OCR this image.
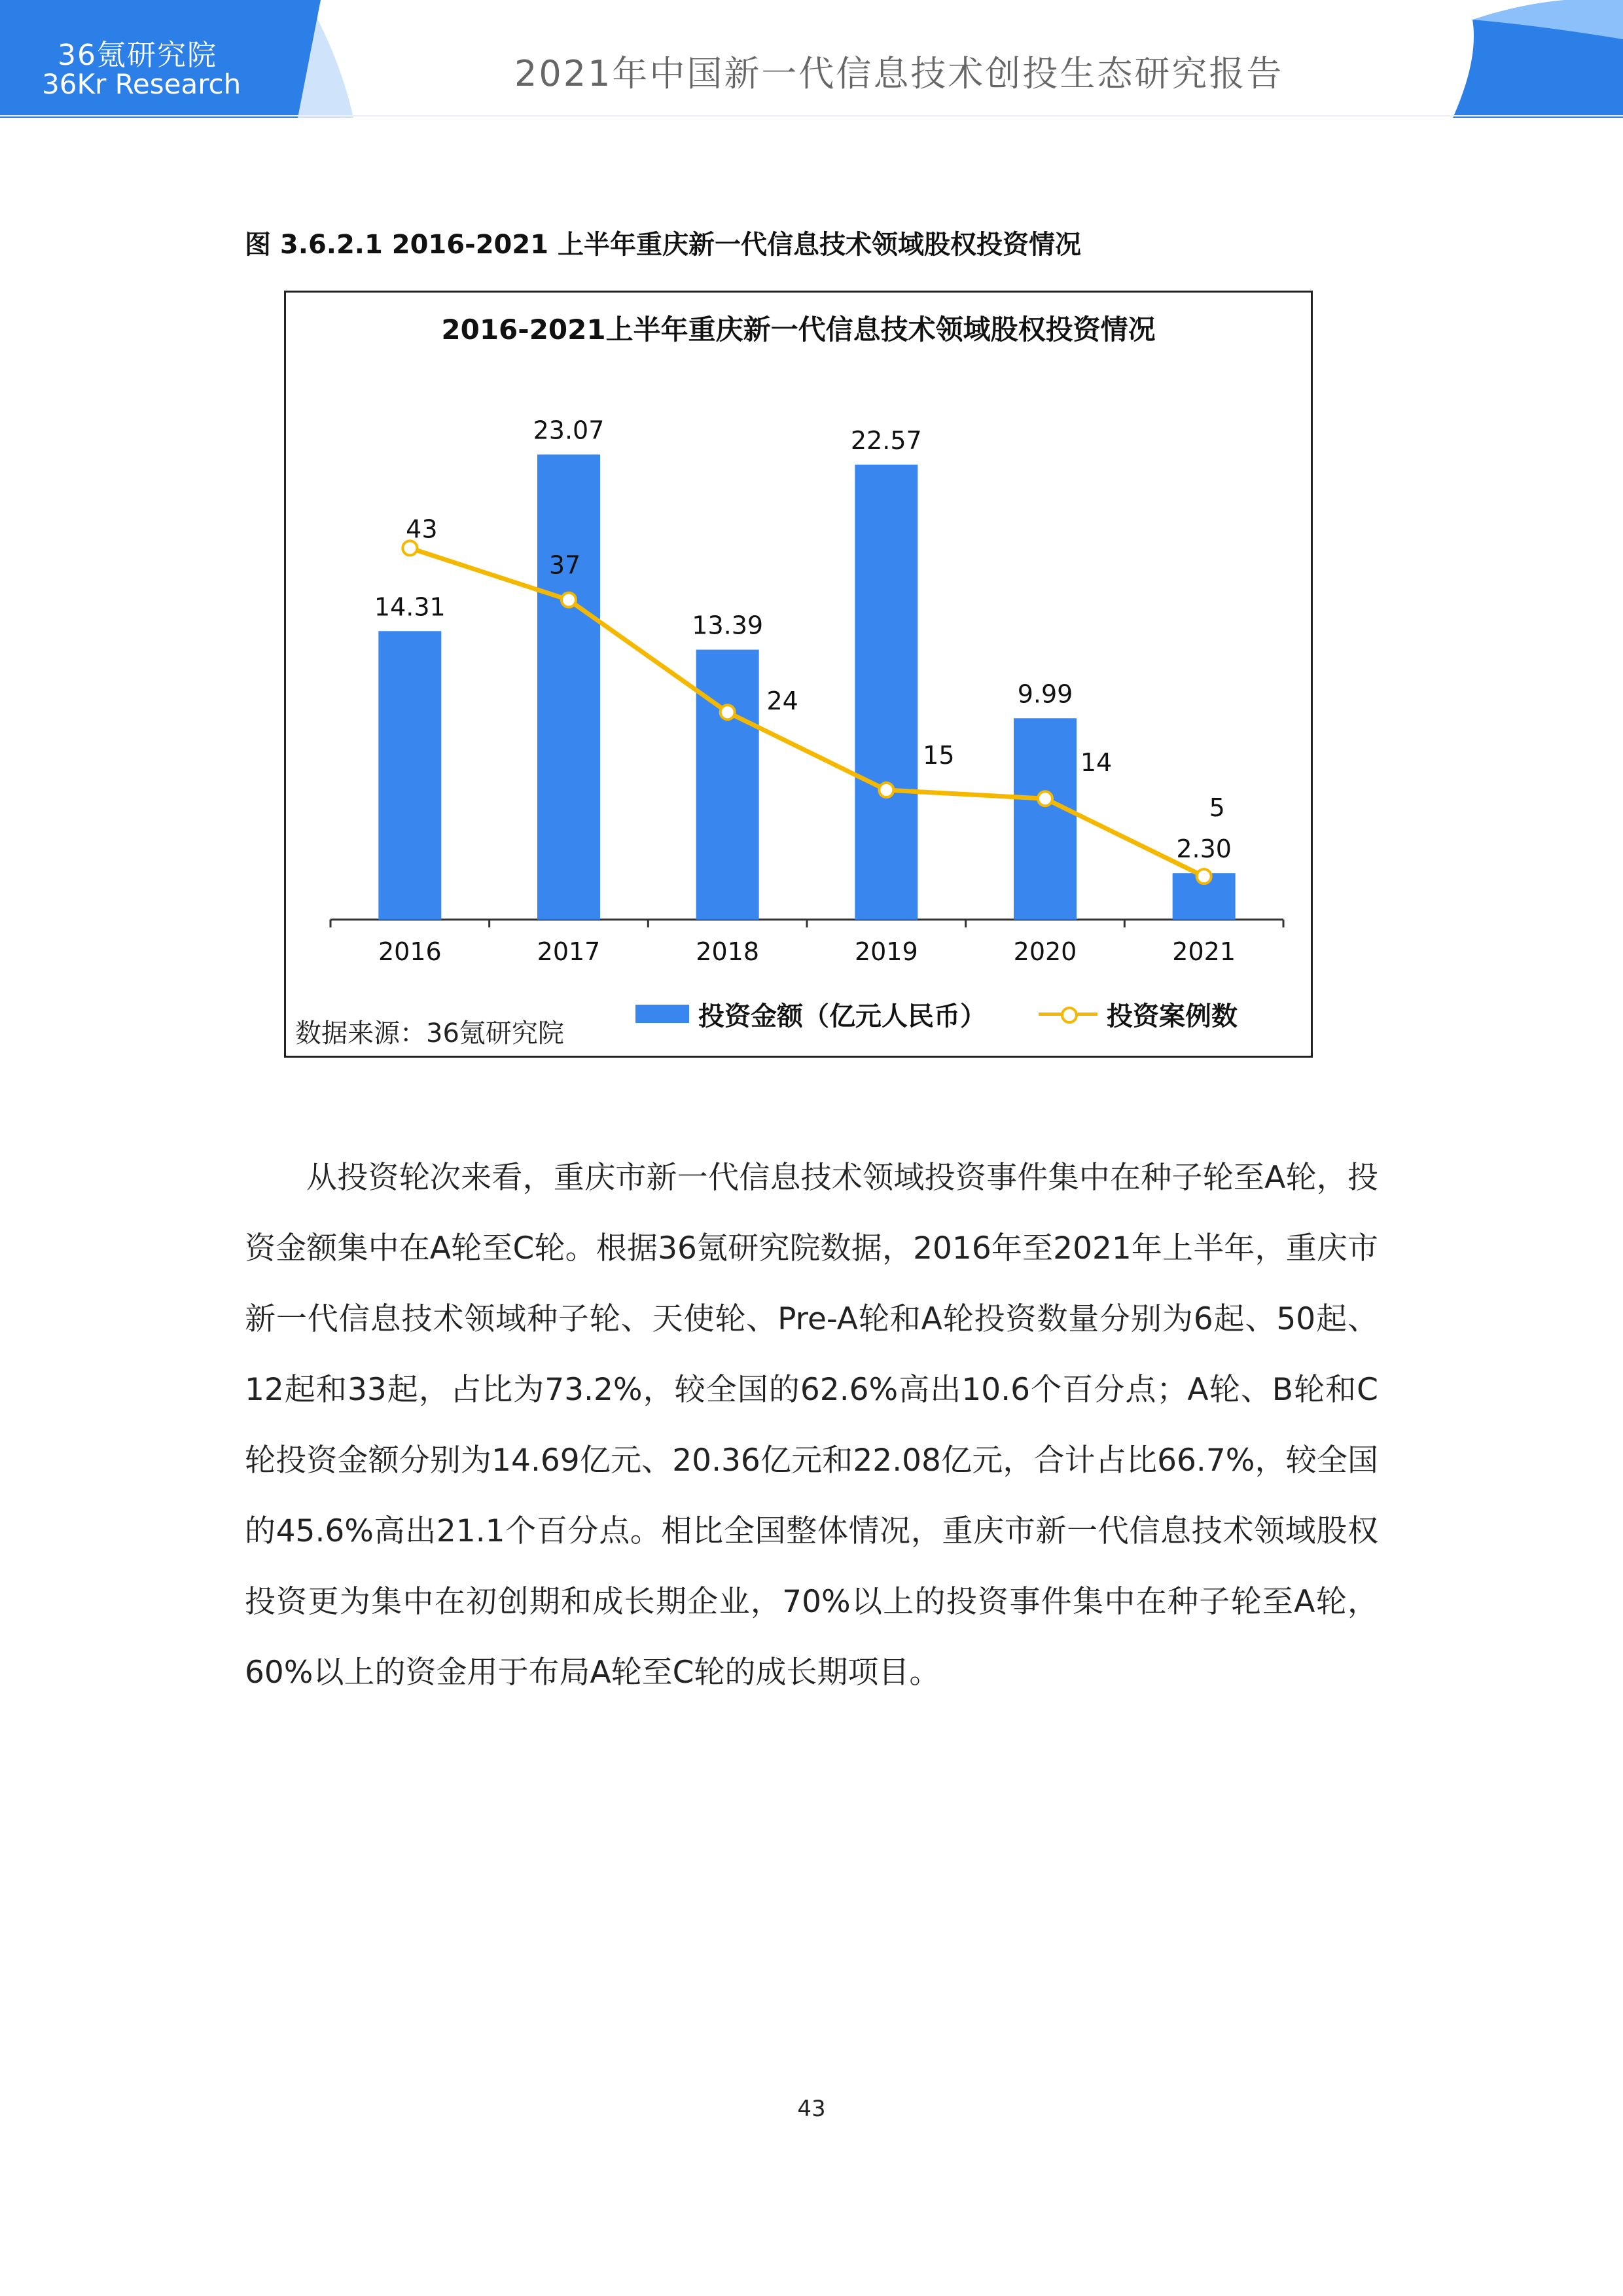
36氪研究院
36Kr Research	2021年中国新一代信息技术创投生态研究报告
图 3.6.2.1 2016-2021 上半年重庆新一代信息技术领域股权投资情况
2016-2021上半年重庆新一代信息技术领域股权投资情况
2016	2017	2018	2019	2020	2021
14.31
23.07
13.39
22.57
9.99
2.30
43
37
24
15	14
5
投资金额（亿元人民币）	投资案例数
数据来源：36氪研究院

从投资轮次来看，重庆市新一代信息技术领域投资事件集中在种子轮至A轮，投资金额集中在A轮至C轮。根据36氪研究院数据，2016年至2021年上半年，重庆市新一代信息技术领域种子轮、天使轮、Pre-A轮和A轮投资数量分别为6起、50起、12起和33起，占比为73.2%，较全国的62.6%高出10.6个百分点；A轮、B轮和C轮投资金额分别为14.69亿元、20.36亿元和22.08亿元，合计占比66.7%，较全国的45.6%高出21.1个百分点。相比全国整体情况，重庆市新一代信息技术领域股权投资更为集中在初创期和成长期企业，70%以上的投资事件集中在种子轮至A轮，60%以上的资金用于布局A轮至C轮的成长期项目。

43
